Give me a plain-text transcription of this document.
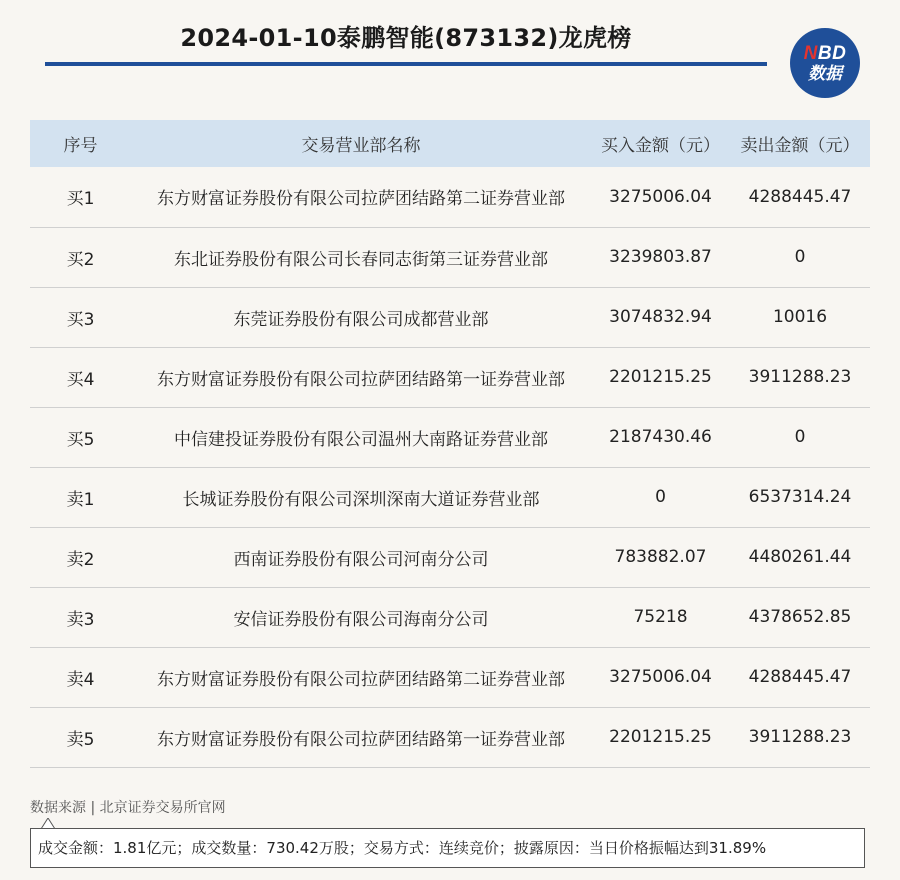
2024-01-10泰鹏智能(873132)龙虎榜
NBD
数据
序号	交易营业部名称	买入金额（元）	卖出金额（元）
买1	东方财富证券股份有限公司拉萨团结路第二证券营业部	3275006.04	4288445.47
买2	东北证券股份有限公司长春同志街第三证券营业部	3239803.87	0
买3	东莞证券股份有限公司成都营业部	3074832.94	10016
买4	东方财富证券股份有限公司拉萨团结路第一证券营业部	2201215.25	3911288.23
买5	中信建投证券股份有限公司温州大南路证券营业部	2187430.46	0
卖1	长城证券股份有限公司深圳深南大道证券营业部	0	6537314.24
卖2	西南证券股份有限公司河南分公司	783882.07	4480261.44
卖3	安信证券股份有限公司海南分公司	75218	4378652.85
卖4	东方财富证券股份有限公司拉萨团结路第二证券营业部	3275006.04	4288445.47
卖5	东方财富证券股份有限公司拉萨团结路第一证券营业部	2201215.25	3911288.23
数据来源 | 北京证券交易所官网
成交金额：1.81亿元；成交数量：730.42万股；交易方式：连续竞价；披露原因：当日价格振幅达到31.89%
